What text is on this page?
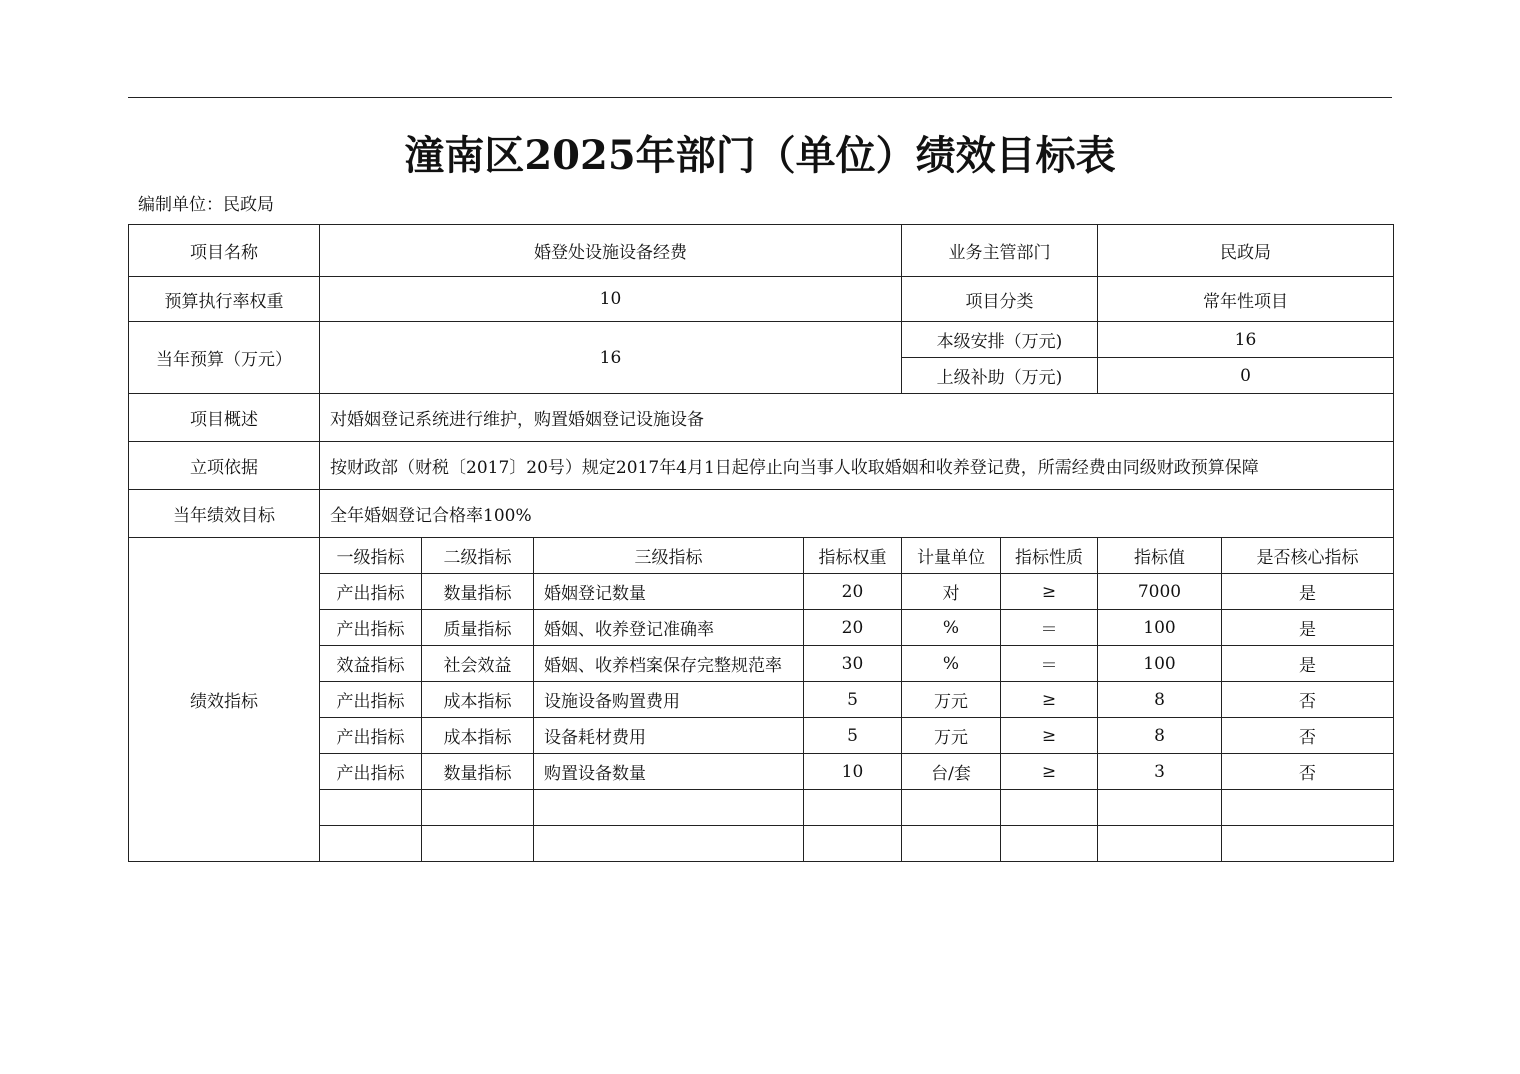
潼南区2025年部门（单位）绩效目标表
编制单位：民政局
项目名称	婚登处设施设备经费				业务主管部门		民政局	
预算执行率权重	10				项目分类		常年性项目	
当年预算（万元）	16				本级安排（万元)		16	
					上级补助（万元)		0	
项目概述	对婚姻登记系统进行维护，购置婚姻登记设施设备							
立项依据	按财政部（财税〔2017〕20号）规定2017年4月1日起停止向当事人收取婚姻和收养登记费，所需经费由同级财政预算保障							
当年绩效目标	全年婚姻登记合格率100%							
绩效指标	一级指标	二级指标	三级指标	指标权重	计量单位	指标性质	指标值	是否核心指标
	产出指标	数量指标	婚姻登记数量	20	对	≥	7000	是
	产出指标	质量指标	婚姻、收养登记准确率	20	%	＝	100	是
	效益指标	社会效益	婚姻、收养档案保存完整规范率	30	%	＝	100	是
	产出指标	成本指标	设施设备购置费用	5	万元	≥	8	否
	产出指标	成本指标	设备耗材费用	5	万元	≥	8	否
	产出指标	数量指标	购置设备数量	10	台/套	≥	3	否
